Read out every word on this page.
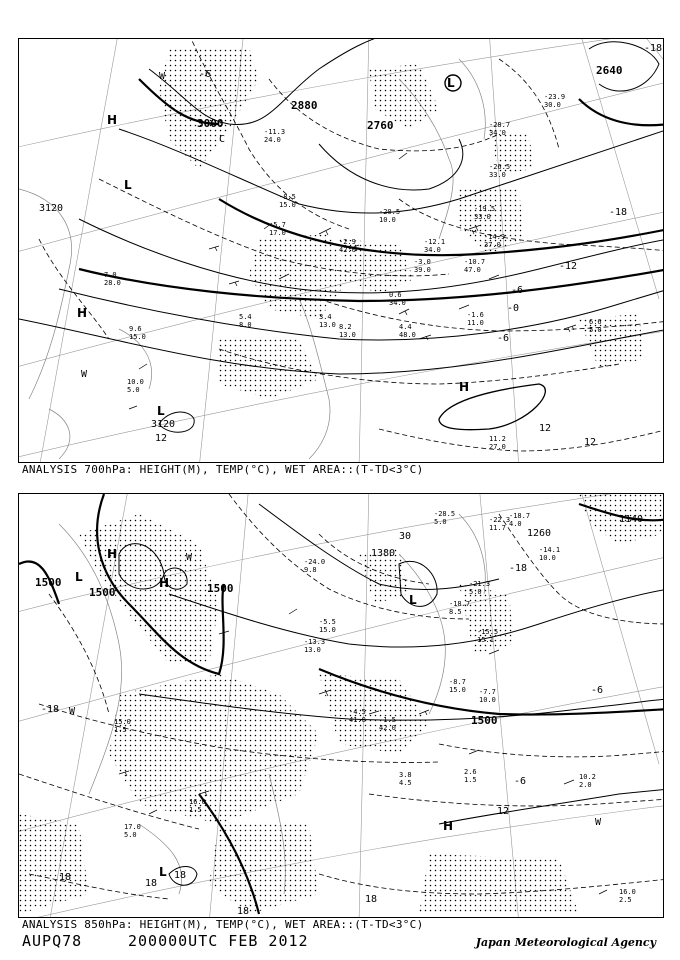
3000
2880
2760
2640
3120
3120
-6
-18
-18
-12
-6
-0
-6
12
12
12
H
H
H
L
L
L
C
W
W
-23.9
30.0
-28.7
34.0
-26.5
33.0
-19.5
33.0
-14.9
37.0
-12.1
34.0
-10.7
47.0
-3.0
39.0
-1.6
11.0
0.6
34.0
4.4
48.0
3.4
13.0 8.2
13.0
9.6
15.0
10.0
5.0
7.0
28.0
11.2
27.0
6.6
5.0
-11.3
24.0
-8.5
15.0
-20.5
10.0
-5.7
17.0
-2.9
42.0
5.4
8.0
ANALYSIS 700hPa: HEIGHT(M), TEMP(°C), WET AREA::(T-TD<3°C)
1500
1500	1500
1380
1260
1140
1500
-18
-18
-6
12
18
18
18
18
18
-6
30
H
H
L
L
L
H
W
W
W
-28.5
5.0	-22.3
11.7
-18.7
4.0
-14.1
10.0
-24.0
9.8
-21.3
5.0
-18.7
8.5
-15.5
15.1
-7.7
10.0
-8.7
15.0
-4.5
41.0 -1.5
42.0
3.8
4.5
2.6
1.5	10.2
2.0
15.0
1.5
16.0
1.5
17.0
5.0
16.0
2.5
-13.3
13.0
-5.5
15.0
ANALYSIS 850hPa: HEIGHT(M), TEMP(°C), WET AREA::(T-TD<3°C)
AUPQ78	200000UTC FEB 2012	Japan Meteorological Agency
